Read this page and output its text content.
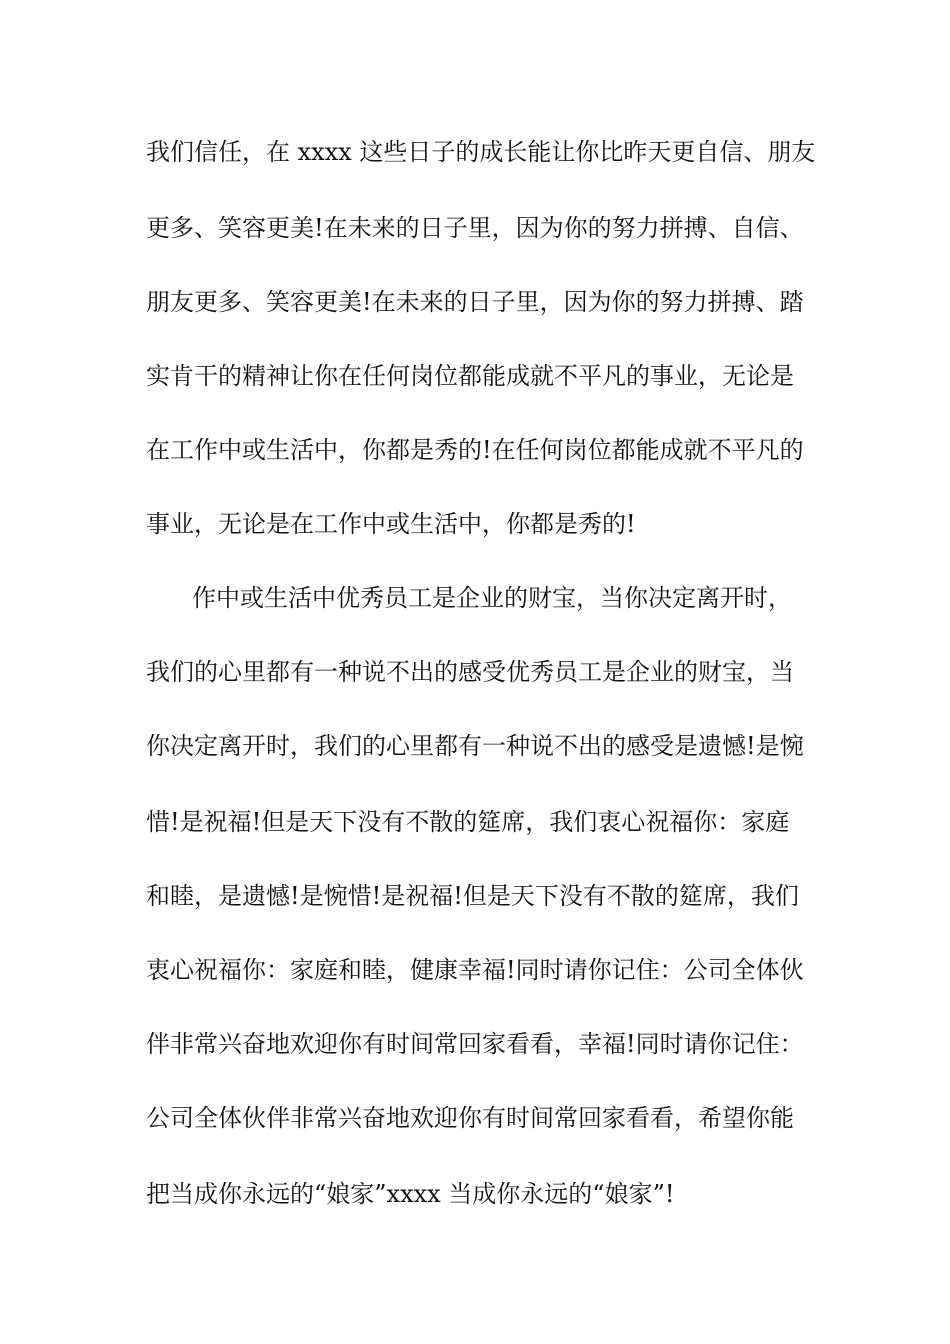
我们信任，在 xxxx 这些日子的成长能让你比昨天更自信、朋友
更多、笑容更美!在未来的日子里，因为你的努力拼搏、自信、
朋友更多、笑容更美!在未来的日子里，因为你的努力拼搏、踏
实肯干的精神让你在任何岗位都能成就不平凡的事业，无论是
在工作中或生活中，你都是秀的!在任何岗位都能成就不平凡的
事业，无论是在工作中或生活中，你都是秀的!
作中或生活中优秀员工是企业的财宝，当你决定离开时，
我们的心里都有一种说不出的感受优秀员工是企业的财宝，当
你决定离开时，我们的心里都有一种说不出的感受是遗憾!是惋
惜!是祝福!但是天下没有不散的筵席，我们衷心祝福你：家庭
和睦，是遗憾!是惋惜!是祝福!但是天下没有不散的筵席，我们
衷心祝福你：家庭和睦，健康幸福!同时请你记住：公司全体伙
伴非常兴奋地欢迎你有时间常回家看看，幸福!同时请你记住：
公司全体伙伴非常兴奋地欢迎你有时间常回家看看，希望你能
把当成你永远的“娘家”xxxx 当成你永远的“娘家”!
